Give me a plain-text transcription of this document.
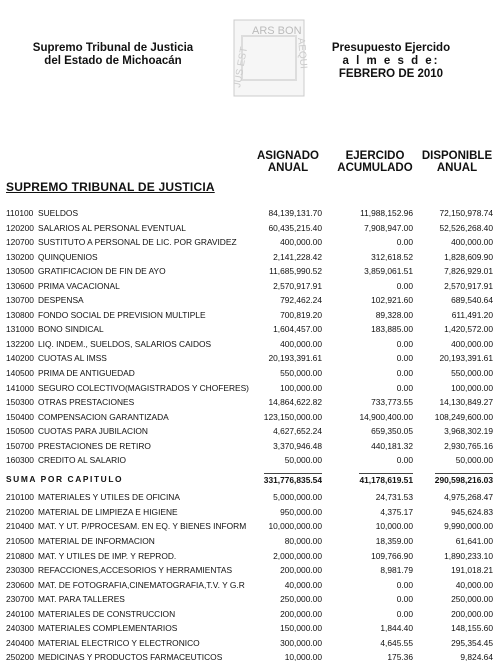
Supremo Tribunal de Justicia
del Estado de Michoacán
ARS BON
JUS EST	AEQUI	Presupuesto Ejercido
a l m e s d e:
FEBRERO DE 2010
ASIGNADO
ANUAL
EJERCIDO
ACUMULADO
DISPONIBLE
ANUAL
SUPREMO TRIBUNAL DE JUSTICIA
110100 SUELDOS	84,139,131.70	11,988,152.96	72,150,978.74
120200 SALARIOS AL PERSONAL EVENTUAL	60,435,215.40	7,908,947.00	52,526,268.40
120700 SUSTITUTO A PERSONAL DE LIC. POR GRAVIDEZ	400,000.00	0.00	400,000.00
130200 QUINQUENIOS	2,141,228.42	312,618.52	1,828,609.90
130500 GRATIFICACION DE FIN DE AYO	11,685,990.52	3,859,061.51	7,826,929.01
130600 PRIMA VACACIONAL	2,570,917.91	0.00	2,570,917.91
130700 DESPENSA	792,462.24	102,921.60	689,540.64
130800 FONDO SOCIAL DE PREVISION MULTIPLE	700,819.20	89,328.00	611,491.20
131000 BONO SINDICAL	1,604,457.00	183,885.00	1,420,572.00
132200 LIQ. INDEM., SUELDOS, SALARIOS CAIDOS	400,000.00	0.00	400,000.00
140200 CUOTAS AL IMSS	20,193,391.61	0.00	20,193,391.61
140500 PRIMA DE ANTIGUEDAD	550,000.00	0.00	550,000.00
141000 SEGURO COLECTIVO(MAGISTRADOS Y CHOFERES)	100,000.00	0.00	100,000.00
150300 OTRAS PRESTACIONES	14,864,622.82	733,773.55	14,130,849.27
150400 COMPENSACION GARANTIZADA	123,150,000.00	14,900,400.00	108,249,600.00
150500 CUOTAS PARA JUBILACION	4,627,652.24	659,350.05	3,968,302.19
150700 PRESTACIONES DE RETIRO	3,370,946.48	440,181.32	2,930,765.16
160300 CREDITO AL SALARIO	50,000.00	0.00	50,000.00
SUMA POR CAPITULO	331,776,835.54	41,178,619.51	290,598,216.03
210100 MATERIALES Y UTILES DE OFICINA	5,000,000.00	24,731.53	4,975,268.47
210200 MATERIAL DE LIMPIEZA E HIGIENE	950,000.00	4,375.17	945,624.83
210400 MAT. Y UT. P/PROCESAM. EN EQ. Y BIENES INFORM	10,000,000.00	10,000.00	9,990,000.00
210500 MATERIAL DE INFORMACION	80,000.00	18,359.00	61,641.00
210800 MAT. Y UTILES DE IMP. Y REPROD.	2,000,000.00	109,766.90	1,890,233.10
230300 REFACCIONES,ACCESORIOS Y HERRAMIENTAS	200,000.00	8,981.79	191,018.21
230600 MAT. DE FOTOGRAFIA,CINEMATOGRAFIA,T.V. Y G.R	40,000.00	0.00	40,000.00
230700 MAT. PARA TALLERES	250,000.00	0.00	250,000.00
240100 MATERIALES DE CONSTRUCCION	200,000.00	0.00	200,000.00
240300 MATERIALES COMPLEMENTARIOS	150,000.00	1,844.40	148,155.60
240400 MATERIAL ELECTRICO Y ELECTRONICO	300,000.00	4,645.55	295,354.45
250200 MEDICINAS Y PRODUCTOS FARMACEUTICOS	10,000.00	175.36	9,824.64
